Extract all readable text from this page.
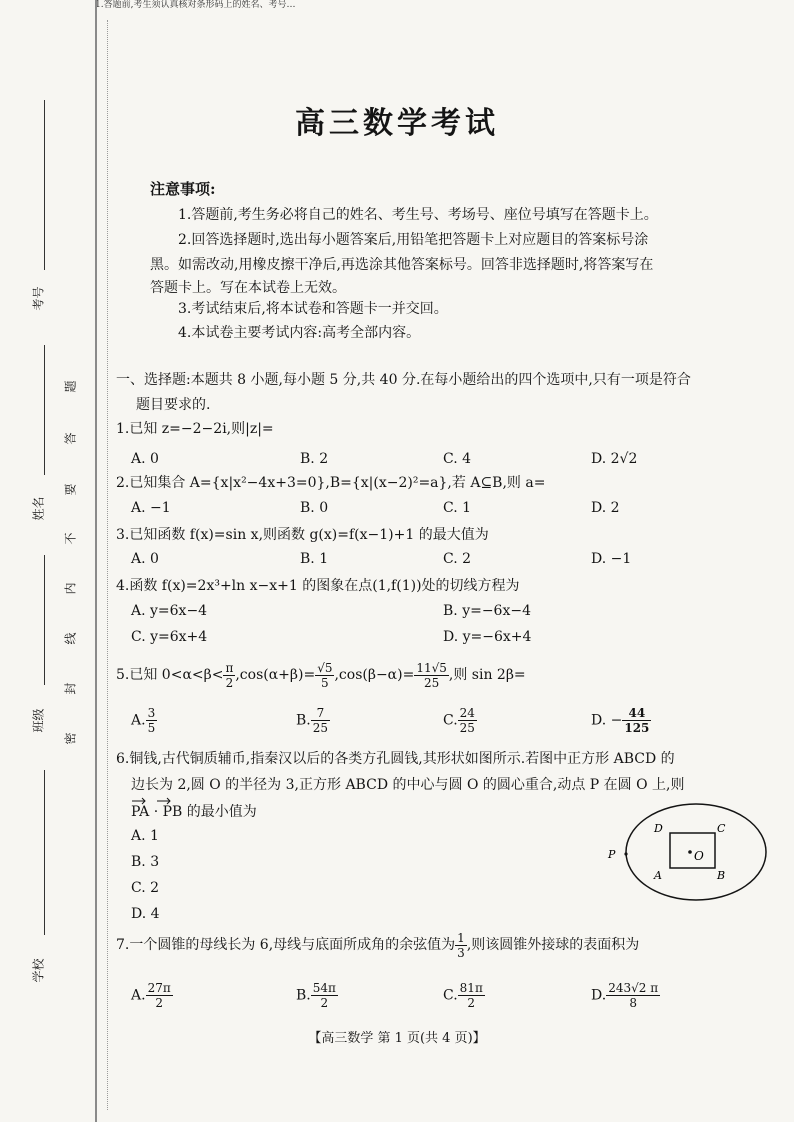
1.答题前,考生须认真核对条形码上的姓名、考号…
考号
姓名
班级
学校
题
答
要
不
内
线
封
密
高三数学考试
注意事项:
1.答题前,考生务必将自己的姓名、考生号、考场号、座位号填写在答题卡上。
2.回答选择题时,选出每小题答案后,用铅笔把答题卡上对应题目的答案标号涂
黑。如需改动,用橡皮擦干净后,再选涂其他答案标号。回答非选择题时,将答案写在
答题卡上。写在本试卷上无效。
3.考试结束后,将本试卷和答题卡一并交回。
4.本试卷主要考试内容:高考全部内容。
一、选择题:本题共 8 小题,每小题 5 分,共 40 分.在每小题给出的四个选项中,只有一项是符合
题目要求的.
1.已知 z=−2−2i,则|z|=
A. 0	B. 2	C. 4	D. 2√2
2.已知集合 A={x|x²−4x+3=0},B={x|(x−2)²=a},若 A⊆B,则 a=
A. −1	B. 0	C. 1	D. 2
3.已知函数 f(x)=sin x,则函数 g(x)=f(x−1)+1 的最大值为
A. 0	B. 1	C. 2	D. −1
4.函数 f(x)=2x³+ln x−x+1 的图象在点(1,f(1))处的切线方程为
A. y=6x−4	B. y=−6x−4
C. y=6x+4	D. y=−6x+4
5.已知 $0<\alpha<\beta< \frac{\pi}{2} ,\cos(\alpha+\beta)= \frac{√5}{5} ,\cos(\beta-\alpha)= \frac{11√5}{25}$ ,则 sin 2β=
A. $\frac{3}{5}$	B. $\frac{7}{25}$	C. $\frac{24}{25}$	D. − $\frac{44}{125}$
6.铜钱,古代铜质辅币,指秦汉以后的各类方孔圆钱,其形状如图所示.若图中正方形 ABCD 的
边长为 2,圆 O 的半径为 3,正方形 ABCD 的中心与圆 O 的圆心重合,动点 P 在圆 O 上,则
PA · PB 的最小值为
A. 1
B. 3
C. 2
D. 4
O
D	C
A	B
P
7.一个圆锥的母线长为 6,母线与底面所成角的余弦值为 $\frac{1}{3}$ ,则该圆锥外接球的表面积为
A. $\frac{27\pi}{2}$	B. $\frac{54\pi}{2}$	C. $\frac{81\pi}{2}$	D. $\frac{243√2 \pi}{8}$
【高三数学 第 1 页(共 4 页)】
